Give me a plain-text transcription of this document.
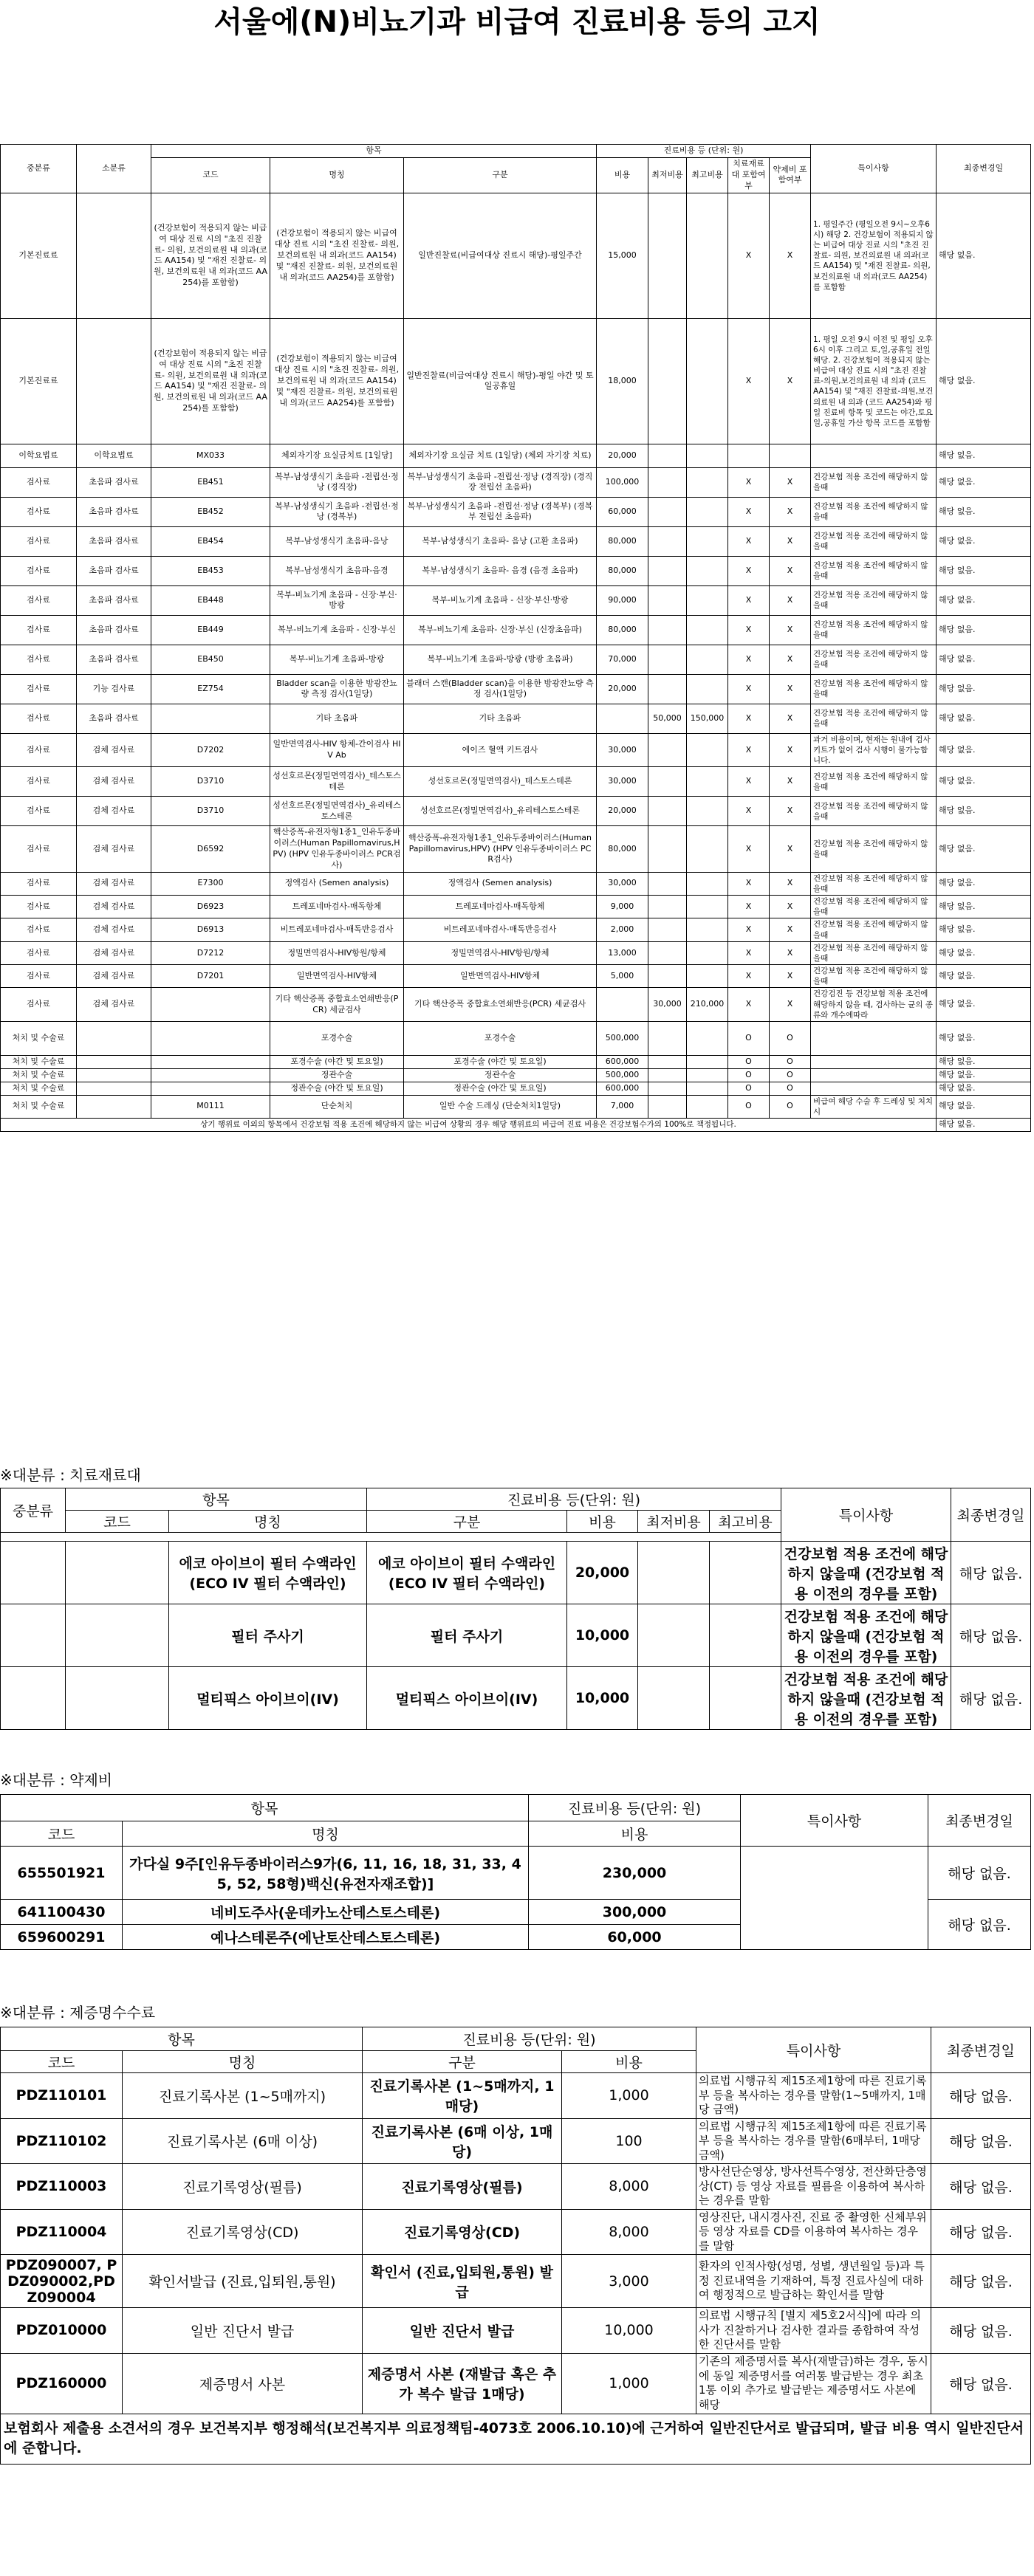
서울에(N)비뇨기과 비급여 진료비용 등의 고지
중분류	소분류	항목			진료비용 등 (단위: 원)					특이사항	최종변경일
		코드	명칭	구분	비용	최저비용	최고비용	치료재료대 포함여부	약제비 포함여부		

기본진료료		(건강보험이 적용되지 않는 비급여 대상 진료 시의 "초진 진찰료- 의원, 보건의료원 내 의과(코드 AA154) 및 "재진 진찰료- 의원, 보건의료원 내 의과(코드 AA254)를 포함함)	(건강보험이 적용되지 않는 비급여 대상 진료 시의 "초진 진찰료- 의원, 보건의료원 내 의과(코드 AA154) 및 "재진 진찰료- 의원, 보건의료원 내 의과(코드 AA254)를 포함함)	일반진찰료(비급여대상 진료시 해당)-평일주간	15,000			X	X	1. 평일주간 (평일오전 9시~오후6시) 해당 2. 건강보험이 적용되지 않는 비급여 대상 진료 시의 "초진 진찰료- 의원, 보건의료원 내 의과(코드 AA154) 및 "재진 진찰료- 의원, 보건의료원 내 의과(코드 AA254)를 포함함	해당 없음.
기본진료료		(건강보험이 적용되지 않는 비급여 대상 진료 시의 "초진 진찰료- 의원, 보건의료원 내 의과(코드 AA154) 및 "재진 진찰료- 의원, 보건의료원 내 의과(코드 AA254)를 포함함)	(건강보험이 적용되지 않는 비급여 대상 진료 시의 "초진 진찰료- 의원, 보건의료원 내 의과(코드 AA154) 및 "재진 진찰료- 의원, 보건의료원 내 의과(코드 AA254)를 포함함)	일반진찰료(비급여대상 진료시 해당)-평일 야간 및 토일공휴일	18,000			X	X	1. 평일 오전 9시 이전 및 평일 오후 6시 이후 그리고 토,일,공휴일 전일 해당. 2. 건강보험이 적용되지 않는 비급여 대상 진료 시의 "초진 진찰료-의원,보건의료원 내 의과 (코드 AA154) 및 "재진 진찰료-의원,보건의료원 내 의과 (코드 AA254)와 평일 진료비 항목 및 코드는 야간,토요일,공휴일 가산 항목 코드를 포함함	해당 없음.
이학요법료	이학요법료	MX033	체외자기장 요실금치료 [1일당]	체외자기장 요실금 치료 (1일당) (체외 자기장 치료)	20,000						해당 없음.
검사료	초음파 검사료	EB451	복부-남성생식기 초음파 -전립선·정낭 (경직장)	복부-남성생식기 초음파 -전립선·정낭 (경직장) (경직장 전립선 초음파)	100,000			X	X	건강보험 적용 조건에 해당하지 않을때	해당 없음.
검사료	초음파 검사료	EB452	복부-남성생식기 초음파 -전립선·정낭 (경복부)	복부-남성생식기 초음파 -전립선·정낭 (경복부) (경복부 전립선 초음파)	60,000			X	X	건강보험 적용 조건에 해당하지 않을때	해당 없음.
검사료	초음파 검사료	EB454	복부-남성생식기 초음파-음낭	복부-남성생식기 초음파- 음낭 (고환 초음파)	80,000			X	X	건강보험 적용 조건에 해당하지 않을때	해당 없음.
검사료	초음파 검사료	EB453	복부-남성생식기 초음파-음경	복부-남성생식기 초음파- 음경 (음경 초음파)	80,000			X	X	건강보험 적용 조건에 해당하지 않을때	해당 없음.
검사료	초음파 검사료	EB448	복부-비뇨기계 초음파 - 신장·부신·방광	복부-비뇨기계 초음파 - 신장·부신·방광	90,000			X	X	건강보험 적용 조건에 해당하지 않을때	해당 없음.
검사료	초음파 검사료	EB449	복부-비뇨기계 초음파 - 신장·부신	복부-비뇨기계 초음파- 신장·부신 (신장초음파)	80,000			X	X	건강보험 적용 조건에 해당하지 않을때	해당 없음.
검사료	초음파 검사료	EB450	복부-비뇨기계 초음파-방광	복부-비뇨기계 초음파-방광 (방광 초음파)	70,000			X	X	건강보험 적용 조건에 해당하지 않을때	해당 없음.
검사료	기능 검사료	EZ754	Bladder scan을 이용한 방광잔뇨량 측정 검사(1일당)	블래더 스캔(Bladder scan)을 이용한 방광잔뇨량 측정 검사(1일당)	20,000			X	X	건강보험 적용 조건에 해당하지 않을때	해당 없음.
검사료	초음파 검사료		기타 초음파	기타 초음파		50,000	150,000	X	X	건강보험 적용 조건에 해당하지 않을때	해당 없음.
검사료	검체 검사료	D7202	일반면역검사-HIV 항체-간이검사 HIV Ab	에이즈 혈액 키트검사	30,000			X	X	과거 비용이며, 현재는 원내에 검사키트가 없어 검사 시행이 불가능합니다.	해당 없음.
검사료	검체 검사료	D3710	성선호르몬(정밀면역검사)_테스토스테론	성선호르몬(정밀면역검사)_테스토스테론	30,000			X	X	건강보험 적용 조건에 해당하지 않을때	해당 없음.
검사료	검체 검사료	D3710	성선호르몬(정밀면역검사)_유리테스토스테론	성선호르몬(정밀면역검사)_유리테스토스테론	20,000			X	X	건강보험 적용 조건에 해당하지 않을때	해당 없음.
검사료	검체 검사료	D6592	핵산증폭-유전자형1종1_인유두종바이러스(Human Papillomavirus,HPV) (HPV 인유두종바이러스 PCR검사)	핵산증폭-유전자형1종1_인유두종바이러스(Human Papillomavirus,HPV) (HPV 인유두종바이러스 PCR검사)	80,000			X	X	건강보험 적용 조건에 해당하지 않을때	해당 없음.
검사료	검체 검사료	E7300	정액검사 (Semen analysis)	정액검사 (Semen analysis)	30,000			X	X	건강보험 적용 조건에 해당하지 않을때	해당 없음.
검사료	검체 검사료	D6923	트레포네마검사-매독항체	트레포네마검사-매독항체	9,000			X	X	건강보험 적용 조건에 해당하지 않을때	해당 없음.
검사료	검체 검사료	D6913	비트레포네마검사-매독반응검사	비트레포네마검사-매독반응검사	2,000			X	X	건강보험 적용 조건에 해당하지 않을때	해당 없음.
검사료	검체 검사료	D7212	정밀면역검사-HIV항원/항체	정밀면역검사-HIV항원/항체	13,000			X	X	건강보험 적용 조건에 해당하지 않을때	해당 없음.
검사료	검체 검사료	D7201	일반면역검사-HIV항체	일반면역검사-HIV항체	5,000			X	X	건강보험 적용 조건에 해당하지 않을때	해당 없음.
검사료	검체 검사료		기타 핵산증폭 중합효소연쇄반응(PCR) 세균검사	기타 핵산증폭 중합효소연쇄반응(PCR) 세균검사		30,000	210,000	X	X	건강검진 등 건강보험 적용 조건에 해당하지 않을 때, 검사하는 균의 종류와 개수에따라	해당 없음.
처치 및 수술료			포경수술	포경수술	500,000			O	O		해당 없음.
처치 및 수술료			포경수술 (야간 및 토요일)	포경수술 (야간 및 토요일)	600,000			O	O		해당 없음.
처치 및 수술료			정관수술	정관수술	500,000			O	O		해당 없음.
처치 및 수술료			정관수술 (야간 및 토요일)	정관수술 (야간 및 토요일)	600,000			O	O		해당 없음.
처치 및 수술료		M0111	단순처치	일반 수술 드레싱 (단순처치1일당)	7,000			O	O	비급여 해당 수술 후 드레싱 및 처치시	해당 없음.
상기 행위료 이외의 항목에서 건강보험 적용 조건에 해당하지 않는 비급여 상황의 경우 해당 행위료의 비급여 진료 비용은 건강보험수가의 100%로 책정됩니다.											해당 없음.
※대분류 : 치료재료대
중분류	항목		진료비용 등(단위: 원)				특이사항	최종변경일
	코드	명칭	구분	비용	최저비용	최고비용		

		에코 아이브이 필터 수액라인 (ECO IV 필터 수액라인)	에코 아이브이 필터 수액라인 (ECO IV 필터 수액라인)	20,000			건강보험 적용 조건에 해당하지 않을때 (건강보험 적용 이전의 경우를 포함)	해당 없음.
		필터 주사기	필터 주사기	10,000			건강보험 적용 조건에 해당하지 않을때 (건강보험 적용 이전의 경우를 포함)	해당 없음.
		멀티픽스 아이브이(IV)	멀티픽스 아이브이(IV)	10,000			건강보험 적용 조건에 해당하지 않을때 (건강보험 적용 이전의 경우를 포함)	해당 없음.
※대분류 : 약제비
항목		진료비용 등(단위: 원)	특이사항	최종변경일
코드	명칭	비용		
655501921	가다실 9주[인유두종바이러스9가(6, 11, 16, 18, 31, 33, 45, 52, 58형)백신(유전자재조합)]	230,000		해당 없음.
641100430	네비도주사(운데카노산테스토스테론)	300,000		해당 없음.
659600291	예나스테론주(에난토산테스토스테론)	60,000		
※대분류 : 제증명수수료
항목		진료비용 등(단위: 원)		특이사항	최종변경일
코드	명칭	구분	비용		
PDZ110101	진료기록사본 (1~5매까지)	진료기록사본 (1~5매까지, 1매당)	1,000	의료법 시행규칙 제15조제1항에 따른 진료기록부 등을 복사하는 경우를 말함(1~5매까지, 1매당 금액)	해당 없음.
PDZ110102	진료기록사본 (6매 이상)	진료기록사본 (6매 이상, 1매당)	100	의료법 시행규칙 제15조제1항에 따른 진료기록부 등을 복사하는 경우를 말함(6매부터, 1매당 금액)	해당 없음.
PDZ110003	진료기록영상(필름)	진료기록영상(필름)	8,000	방사선단순영상, 방사선특수영상, 전산화단층영상(CT) 등 영상 자료를 필름을 이용하여 복사하는 경우를 말함	해당 없음.
PDZ110004	진료기록영상(CD)	진료기록영상(CD)	8,000	영상진단, 내시경사진, 진료 중 촬영한 신체부위 등 영상 자료를 CD를 이용하여 복사하는 경우를 말함	해당 없음.
PDZ090007, PDZ090002,PDZ090004	확인서발급 (진료,입퇴원,통원)	확인서 (진료,입퇴원,통원) 발급	3,000	환자의 인적사항(성명, 성별, 생년월일 등)과 특정 진료내역을 기재하여, 특정 진료사실에 대하여 행정적으로 발급하는 확인서를 말함	해당 없음.
PDZ010000	일반 진단서 발급	일반 진단서 발급	10,000	의료법 시행규칙 [별지 제5호2서식]에 따라 의사가 진찰하거나 검사한 결과를 종합하여 작성한 진단서를 말함	해당 없음.
PDZ160000	제증명서 사본	제증명서 사본 (재발급 혹은 추가 복수 발급 1매당)	1,000	기존의 제증명서를 복사(재발급)하는 경우, 동시에 동일 제증명서를 여러통 발급받는 경우 최초 1통 이외 추가로 발급받는 제증명서도 사본에 해당	해당 없음.
보험회사 제출용 소견서의 경우 보건복지부 행정해석(보건복지부 의료정책팀-4073호 2006.10.10)에 근거하여 일반진단서로 발급되며, 발급 비용 역시 일반진단서에 준합니다.					
